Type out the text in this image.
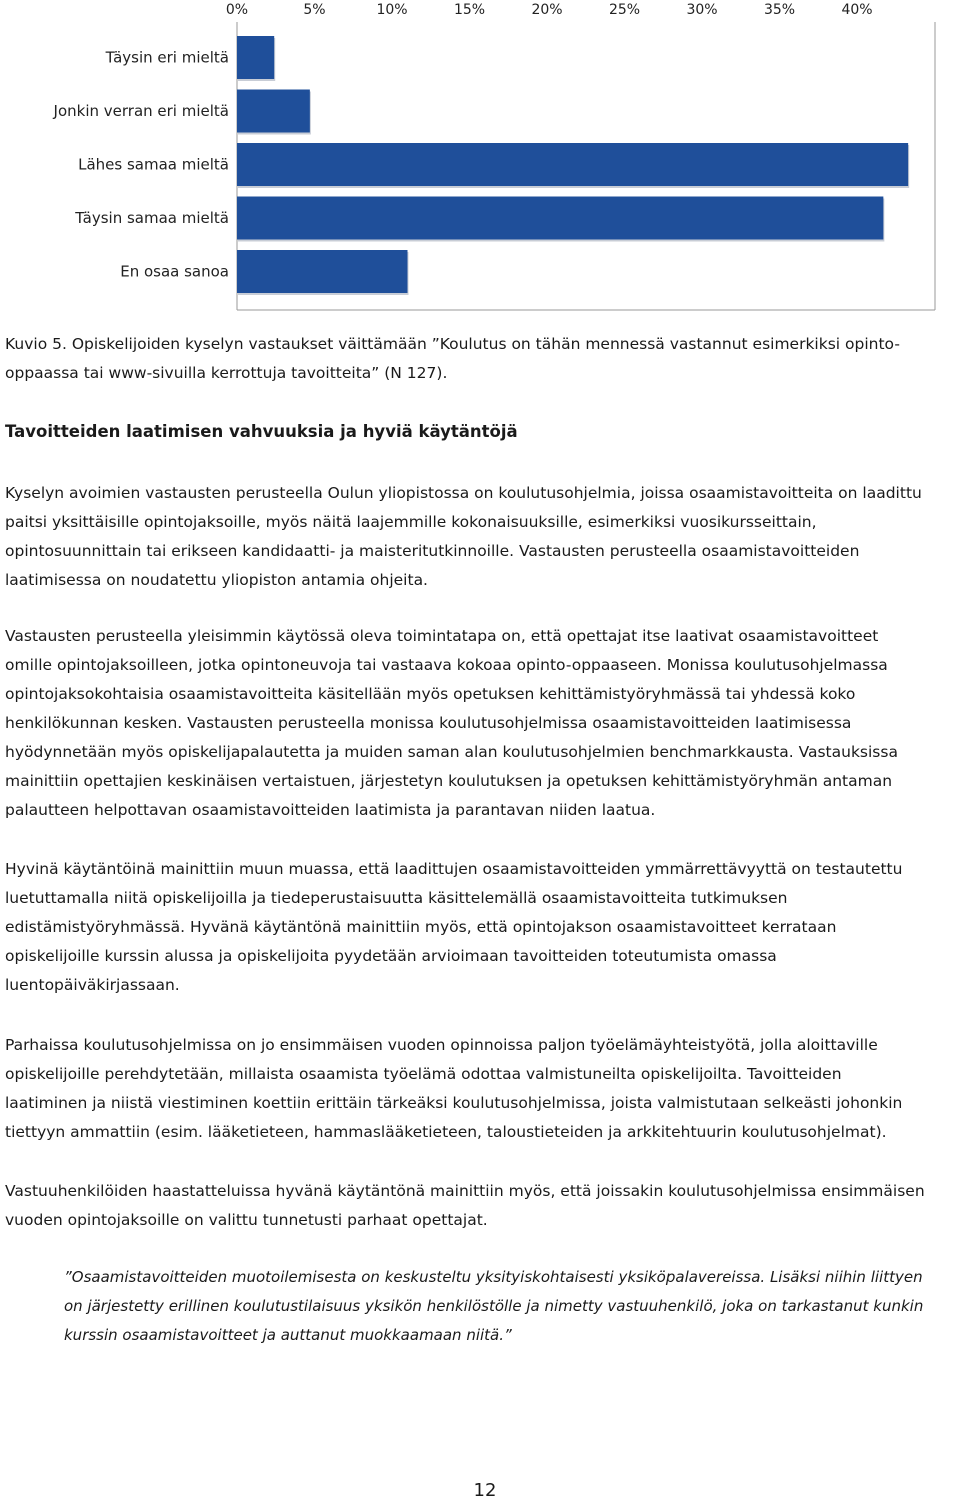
0%	5%	10%	15%	20%	25%	30%	35%	40%
Täysin eri mieltä
Jonkin verran eri mieltä
Lähes samaa mieltä
Täysin samaa mieltä
En osaa sanoa
Kuvio 5. Opiskelijoiden kyselyn vastaukset väittämään ”Koulutus on tähän mennessä vastannut esimerkiksi opinto-
oppaassa tai www-sivuilla kerrottuja tavoitteita” (N 127).
Tavoitteiden laatimisen vahvuuksia ja hyviä käytäntöjä
Kyselyn avoimien vastausten perusteella Oulun yliopistossa on koulutusohjelmia, joissa osaamistavoitteita on laadittu
paitsi yksittäisille opintojaksoille, myös näitä laajemmille kokonaisuuksille, esimerkiksi vuosikursseittain,
opintosuunnittain tai erikseen kandidaatti- ja maisteritutkinnoille. Vastausten perusteella osaamistavoitteiden
laatimisessa on noudatettu yliopiston antamia ohjeita.
Vastausten perusteella yleisimmin käytössä oleva toimintatapa on, että opettajat itse laativat osaamistavoitteet
omille opintojaksoilleen, jotka opintoneuvoja tai vastaava kokoaa opinto-oppaaseen. Monissa koulutusohjelmassa
opintojaksokohtaisia osaamistavoitteita käsitellään myös opetuksen kehittämistyöryhmässä tai yhdessä koko
henkilökunnan kesken. Vastausten perusteella monissa koulutusohjelmissa osaamistavoitteiden laatimisessa
hyödynnetään myös opiskelijapalautetta ja muiden saman alan koulutusohjelmien benchmarkkausta. Vastauksissa
mainittiin opettajien keskinäisen vertaistuen, järjestetyn koulutuksen ja opetuksen kehittämistyöryhmän antaman
palautteen helpottavan osaamistavoitteiden laatimista ja parantavan niiden laatua.
Hyvinä käytäntöinä mainittiin muun muassa, että laadittujen osaamistavoitteiden ymmärrettävyyttä on testautettu
luetuttamalla niitä opiskelijoilla ja tiedeperustaisuutta käsittelemällä osaamistavoitteita tutkimuksen
edistämistyöryhmässä. Hyvänä käytäntönä mainittiin myös, että opintojakson osaamistavoitteet kerrataan
opiskelijoille kurssin alussa ja opiskelijoita pyydetään arvioimaan tavoitteiden toteutumista omassa
luentopäiväkirjassaan.
Parhaissa koulutusohjelmissa on jo ensimmäisen vuoden opinnoissa paljon työelämäyhteistyötä, jolla aloittaville
opiskelijoille perehdytetään, millaista osaamista työelämä odottaa valmistuneilta opiskelijoilta. Tavoitteiden
laatiminen ja niistä viestiminen koettiin erittäin tärkeäksi koulutusohjelmissa, joista valmistutaan selkeästi johonkin
tiettyyn ammattiin (esim. lääketieteen, hammaslääketieteen, taloustieteiden ja arkkitehtuurin koulutusohjelmat).
Vastuuhenkilöiden haastatteluissa hyvänä käytäntönä mainittiin myös, että joissakin koulutusohjelmissa ensimmäisen
vuoden opintojaksoille on valittu tunnetusti parhaat opettajat.
”Osaamistavoitteiden muotoilemisesta on keskusteltu yksityiskohtaisesti yksiköpalavereissa. Lisäksi niihin liittyen
on järjestetty erillinen koulutustilaisuus yksikön henkilöstölle ja nimetty vastuuhenkilö, joka on tarkastanut kunkin
kurssin osaamistavoitteet ja auttanut muokkaamaan niitä.”
12
